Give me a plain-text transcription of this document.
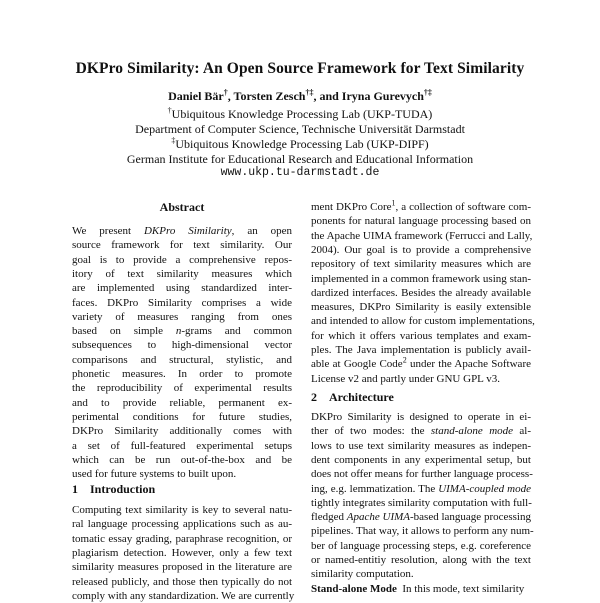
DKPro Similarity: An Open Source Framework for Text Similarity
Daniel Bär†, Torsten Zesch†‡, and Iryna Gurevych†‡
†Ubiquitous Knowledge Processing Lab (UKP-TUDA)
Department of Computer Science, Technische Universität Darmstadt
‡Ubiquitous Knowledge Processing Lab (UKP-DIPF)
German Institute for Educational Research and Educational Information
www.ukp.tu-darmstadt.de
Abstract
We present DKPro Similarity, an open
source framework for text similarity. Our
goal is to provide a comprehensive repos-
itory of text similarity measures which
are implemented using standardized inter-
faces. DKPro Similarity comprises a wide
variety of measures ranging from ones
based on simple n-grams and common
subsequences to high-dimensional vector
comparisons and structural, stylistic, and
phonetic measures. In order to promote
the reproducibility of experimental results
and to provide reliable, permanent ex-
perimental conditions for future studies,
DKPro Similarity additionally comes with
a set of full-featured experimental setups
which can be run out-of-the-box and be
used for future systems to built upon.
1 Introduction
Computing text similarity is key to several natu-
ral language processing applications such as au-
tomatic essay grading, paraphrase recognition, or
plagiarism detection. However, only a few text
similarity measures proposed in the literature are
released publicly, and those then typically do not
comply with any standardization. We are currently
ment DKPro Core$^1$, a collection of software com-
ponents for natural language processing based on
the Apache UIMA framework (Ferrucci and Lally,
2004). Our goal is to provide a comprehensive
repository of text similarity measures which are
implemented in a common framework using stan-
dardized interfaces. Besides the already available
measures, DKPro Similarity is easily extensible
and intended to allow for custom implementations,
for which it offers various templates and exam-
ples. The Java implementation is publicly avail-
able at Google Code$^2$ under the Apache Software
License v2 and partly under GNU GPL v3.
2 Architecture
DKPro Similarity is designed to operate in ei-
ther of two modes: the stand-alone mode al-
lows to use text similarity measures as indepen-
dent components in any experimental setup, but
does not offer means for further language process-
ing, e.g. lemmatization. The UIMA-coupled mode
tightly integrates similarity computation with full-
fledged Apache UIMA-based language processing
pipelines. That way, it allows to perform any num-
ber of language processing steps, e.g. coreference
or named-entitiy resolution, along with the text
similarity computation.
Stand-alone Mode In this mode, text similarity
